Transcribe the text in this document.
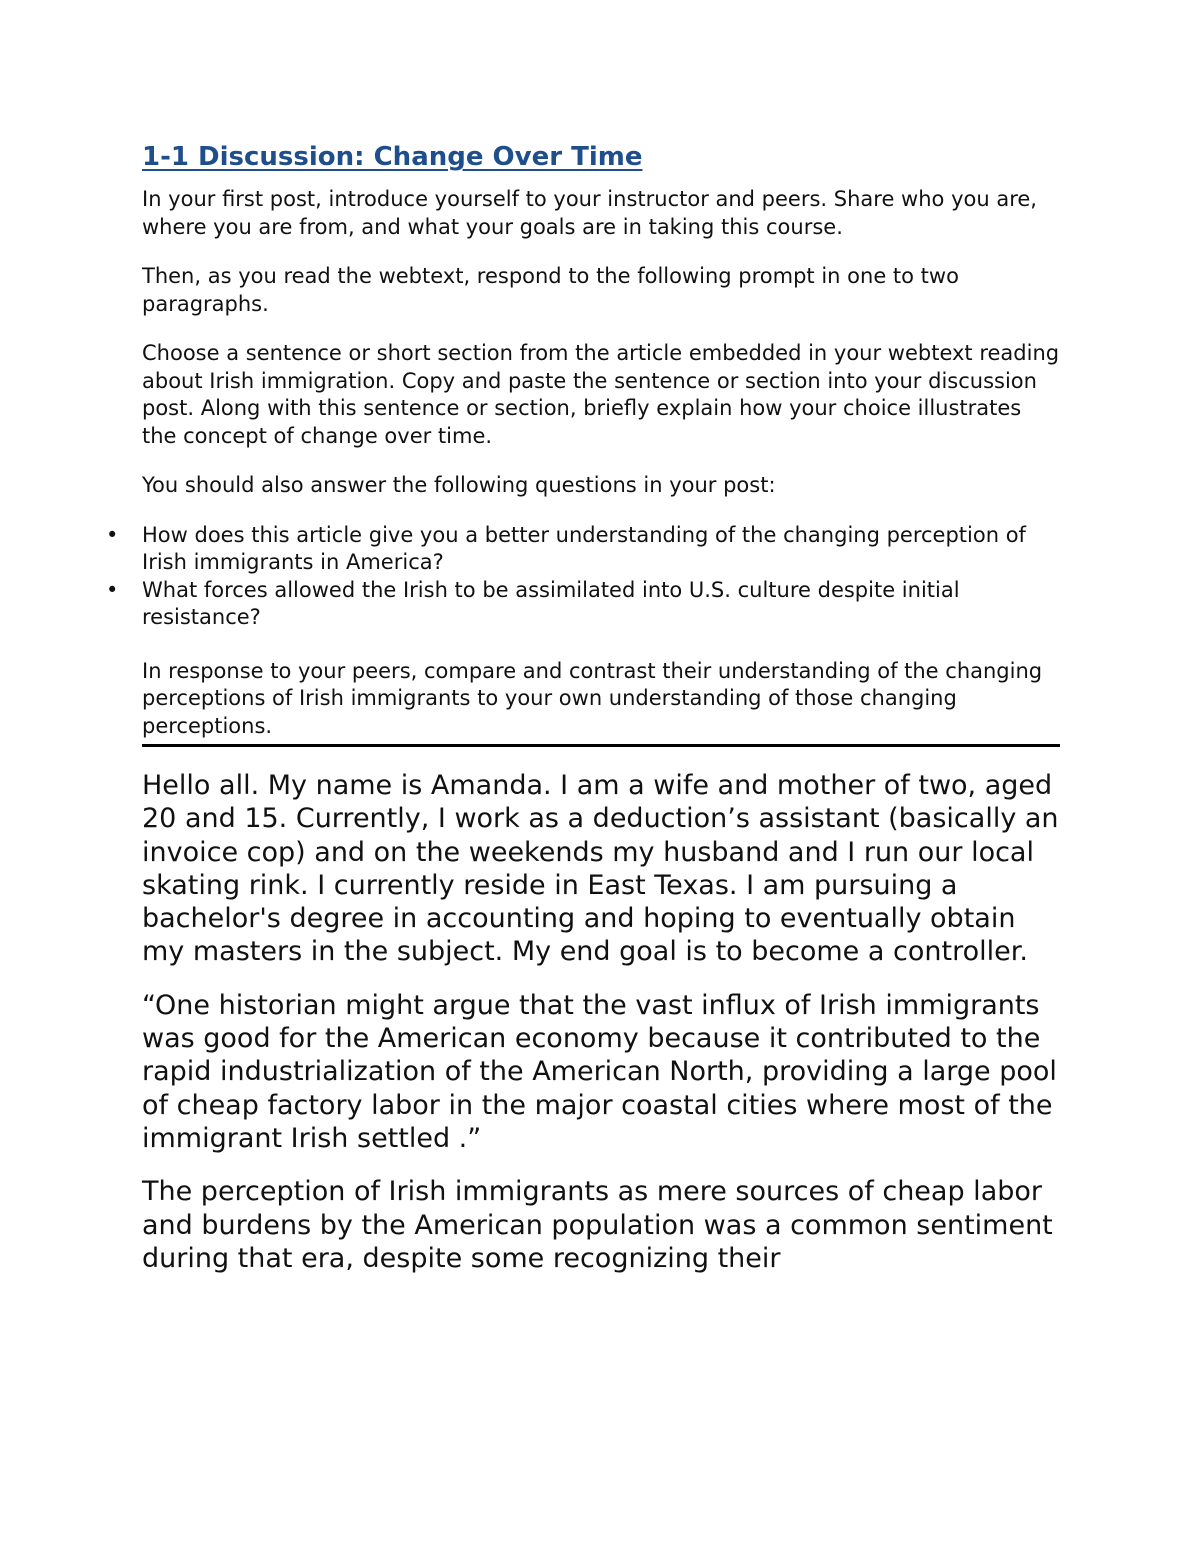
1-1 Discussion: Change Over Time

In your first post, introduce yourself to your instructor and peers. Share who you are, where you are from, and what your goals are in taking this course.

Then, as you read the webtext, respond to the following prompt in one to two paragraphs.

Choose a sentence or short section from the article embedded in your webtext reading about Irish immigration. Copy and paste the sentence or section into your discussion post. Along with this sentence or section, briefly explain how your choice illustrates the concept of change over time.

You should also answer the following questions in your post:

• How does this article give you a better understanding of the changing perception of Irish immigrants in America?
• What forces allowed the Irish to be assimilated into U.S. culture despite initial resistance?

In response to your peers, compare and contrast their understanding of the changing perceptions of Irish immigrants to your own understanding of those changing perceptions.

Hello all. My name is Amanda. I am a wife and mother of two, aged 20 and 15. Currently, I work as a deduction’s assistant (basically an invoice cop) and on the weekends my husband and I run our local skating rink. I currently reside in East Texas. I am pursuing a bachelor's degree in accounting and hoping to eventually obtain my masters in the subject. My end goal is to become a controller.

“One historian might argue that the vast influx of Irish immigrants was good for the American economy because it contributed to the rapid industrialization of the American North, providing a large pool of cheap factory labor in the major coastal cities where most of the immigrant Irish settled .”

The perception of Irish immigrants as mere sources of cheap labor and burdens by the American population was a common sentiment during that era, despite some recognizing their
